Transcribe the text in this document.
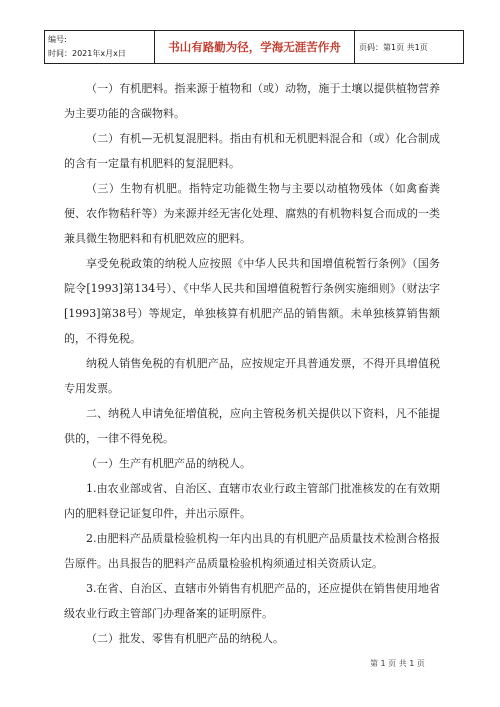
编号:
时间：2021年x月x日	书山有路勤为径，学海无涯苦作舟	页码：第1页 共1页

（一）有机肥料。指来源于植物和（或）动物，施于土壤以提供植物营养为主要功能的含碳物料。

（二）有机—无机复混肥料。指由有机和无机肥料混合和（或）化合制成的含有一定量有机肥料的复混肥料。

（三）生物有机肥。指特定功能微生物与主要以动植物残体（如禽畜粪便、农作物秸秆等）为来源并经无害化处理、腐熟的有机物料复合而成的一类兼具微生物肥料和有机肥效应的肥料。

享受免税政策的纳税人应按照《中华人民共和国增值税暂行条例》（国务院令[1993]第134号）、《中华人民共和国增值税暂行条例实施细则》（财法字[1993]第38号）等规定，单独核算有机肥产品的销售额。未单独核算销售额的，不得免税。

纳税人销售免税的有机肥产品，应按规定开具普通发票，不得开具增值税专用发票。

二、纳税人申请免征增值税，应向主管税务机关提供以下资料，凡不能提供的，一律不得免税。

（一）生产有机肥产品的纳税人。

1.由农业部或省、自治区、直辖市农业行政主管部门批准核发的在有效期内的肥料登记证复印件，并出示原件。

2.由肥料产品质量检验机构一年内出具的有机肥产品质量技术检测合格报告原件。出具报告的肥料产品质量检验机构须通过相关资质认定。

3.在省、自治区、直辖市外销售有机肥产品的，还应提供在销售使用地省级农业行政主管部门办理备案的证明原件。

（二）批发、零售有机肥产品的纳税人。

第 1 页 共 1 页
